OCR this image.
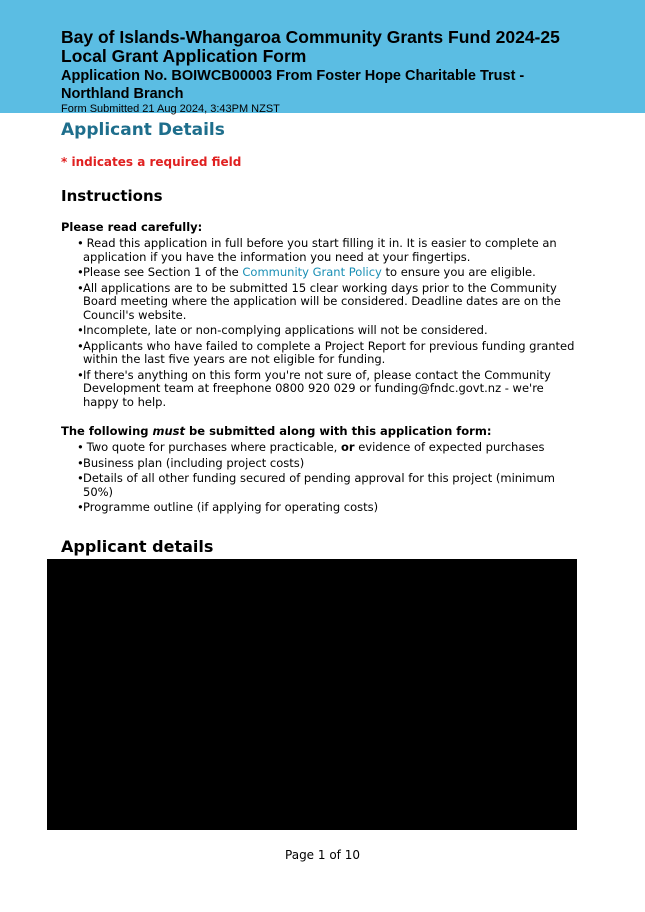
Bay of Islands-Whangaroa Community Grants Fund 2024-25
Local Grant Application Form
Application No. BOIWCB00003 From Foster Hope Charitable Trust -
Northland Branch
Form Submitted 21 Aug 2024, 3:43PM NZST
Applicant Details
* indicates a required field
Instructions
Please read carefully:
• Read this application in full before you start filling it in. It is easier to complete an application if you have the information you need at your fingertips.
• Please see Section 1 of the Community Grant Policy to ensure you are eligible.
• All applications are to be submitted 15 clear working days prior to the Community Board meeting where the application will be considered. Deadline dates are on the Council's website.
• Incomplete, late or non-complying applications will not be considered.
• Applicants who have failed to complete a Project Report for previous funding granted within the last five years are not eligible for funding.
• If there's anything on this form you're not sure of, please contact the Community Development team at freephone 0800 920 029 or funding@fndc.govt.nz - we're happy to help.
The following must be submitted along with this application form:
• Two quote for purchases where practicable, or evidence of expected purchases
• Business plan (including project costs)
• Details of all other funding secured of pending approval for this project (minimum 50%)
• Programme outline (if applying for operating costs)
Applicant details
Page 1 of 10
